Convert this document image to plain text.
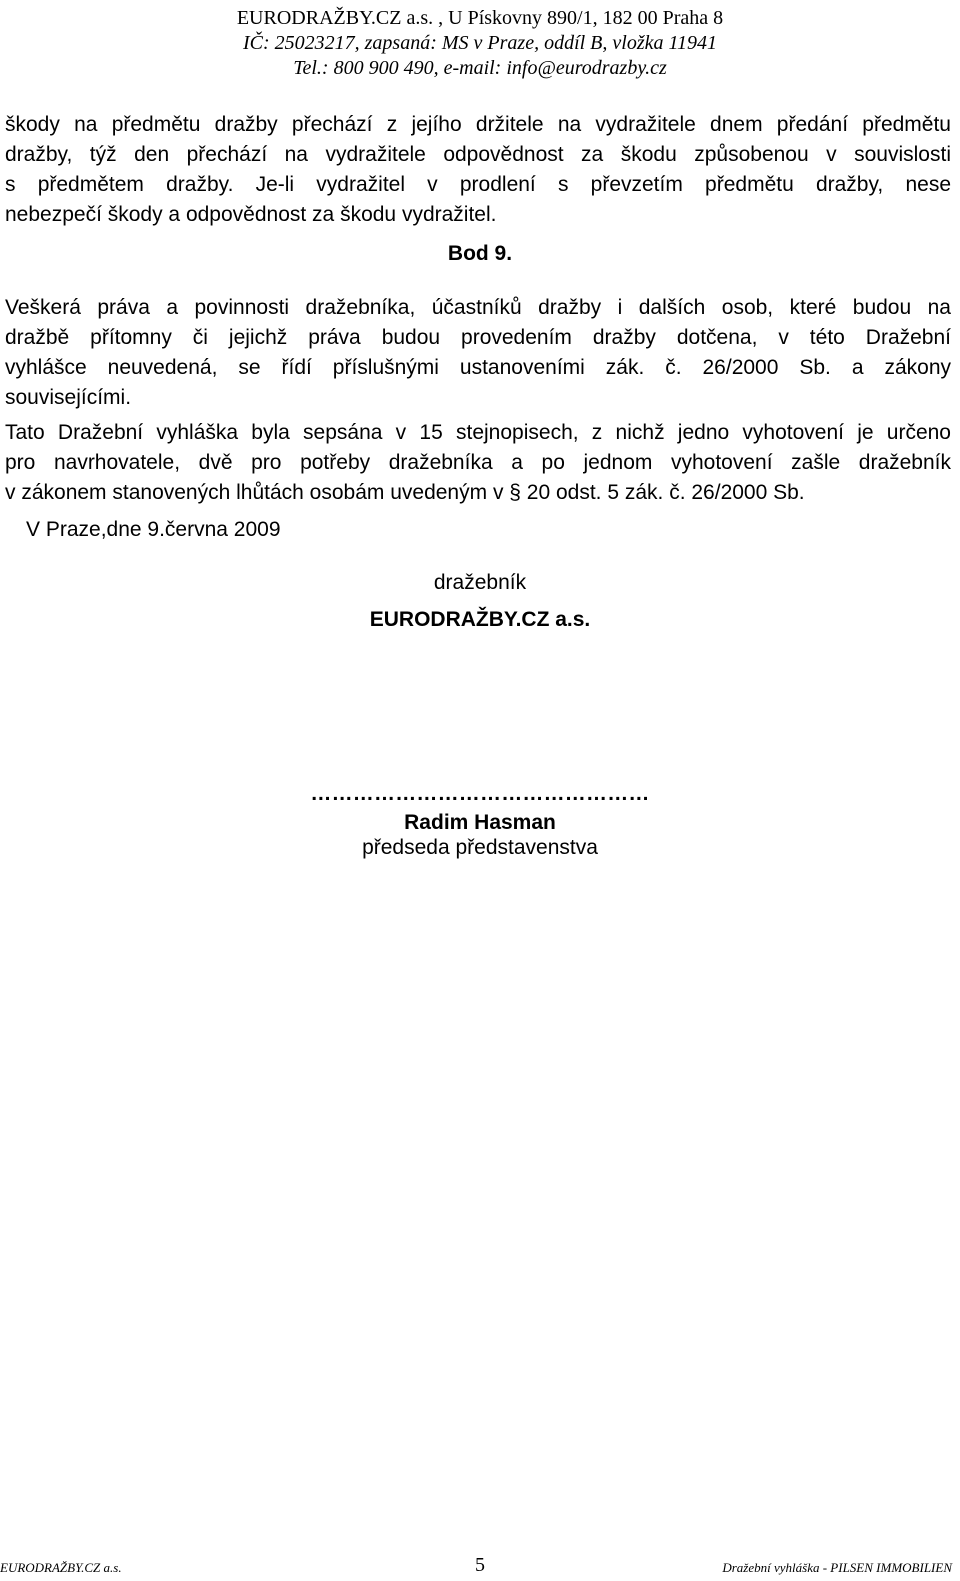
EURODRAŽBY.CZ a.s. , U Pískovny 890/1, 182 00 Praha 8
IČ: 25023217, zapsaná: MS v Praze, oddíl B, vložka 11941
Tel.: 800 900 490, e-mail: info@eurodrazby.cz
škody na předmětu dražby přechází z jejího držitele na vydražitele dnem předání předmětu
dražby, týž den přechází na vydražitele odpovědnost za škodu způsobenou v souvislosti
s předmětem dražby. Je-li vydražitel v prodlení s převzetím předmětu dražby, nese
nebezpečí škody a odpovědnost za škodu vydražitel.
Bod 9.
Veškerá práva a povinnosti dražebníka, účastníků dražby i dalších osob, které budou na
dražbě přítomny či jejichž práva budou provedením dražby dotčena, v této Dražební
vyhlášce neuvedená, se řídí příslušnými ustanoveními zák. č. 26/2000 Sb. a zákony
souvisejícími.
Tato Dražební vyhláška byla sepsána v 15 stejnopisech, z nichž jedno vyhotovení je určeno
pro navrhovatele, dvě pro potřeby dražebníka a po jednom vyhotovení zašle dražebník
v zákonem stanovených lhůtách osobám uvedeným v § 20 odst. 5 zák. č. 26/2000 Sb.
V Praze,dne 9.června 2009
dražebník
EURODRAŽBY.CZ a.s.
…………………………………………
Radim Hasman
předseda představenstva
EURODRAŽBY.CZ a.s.	5	Dražební vyhláška - PILSEN IMMOBILIEN
